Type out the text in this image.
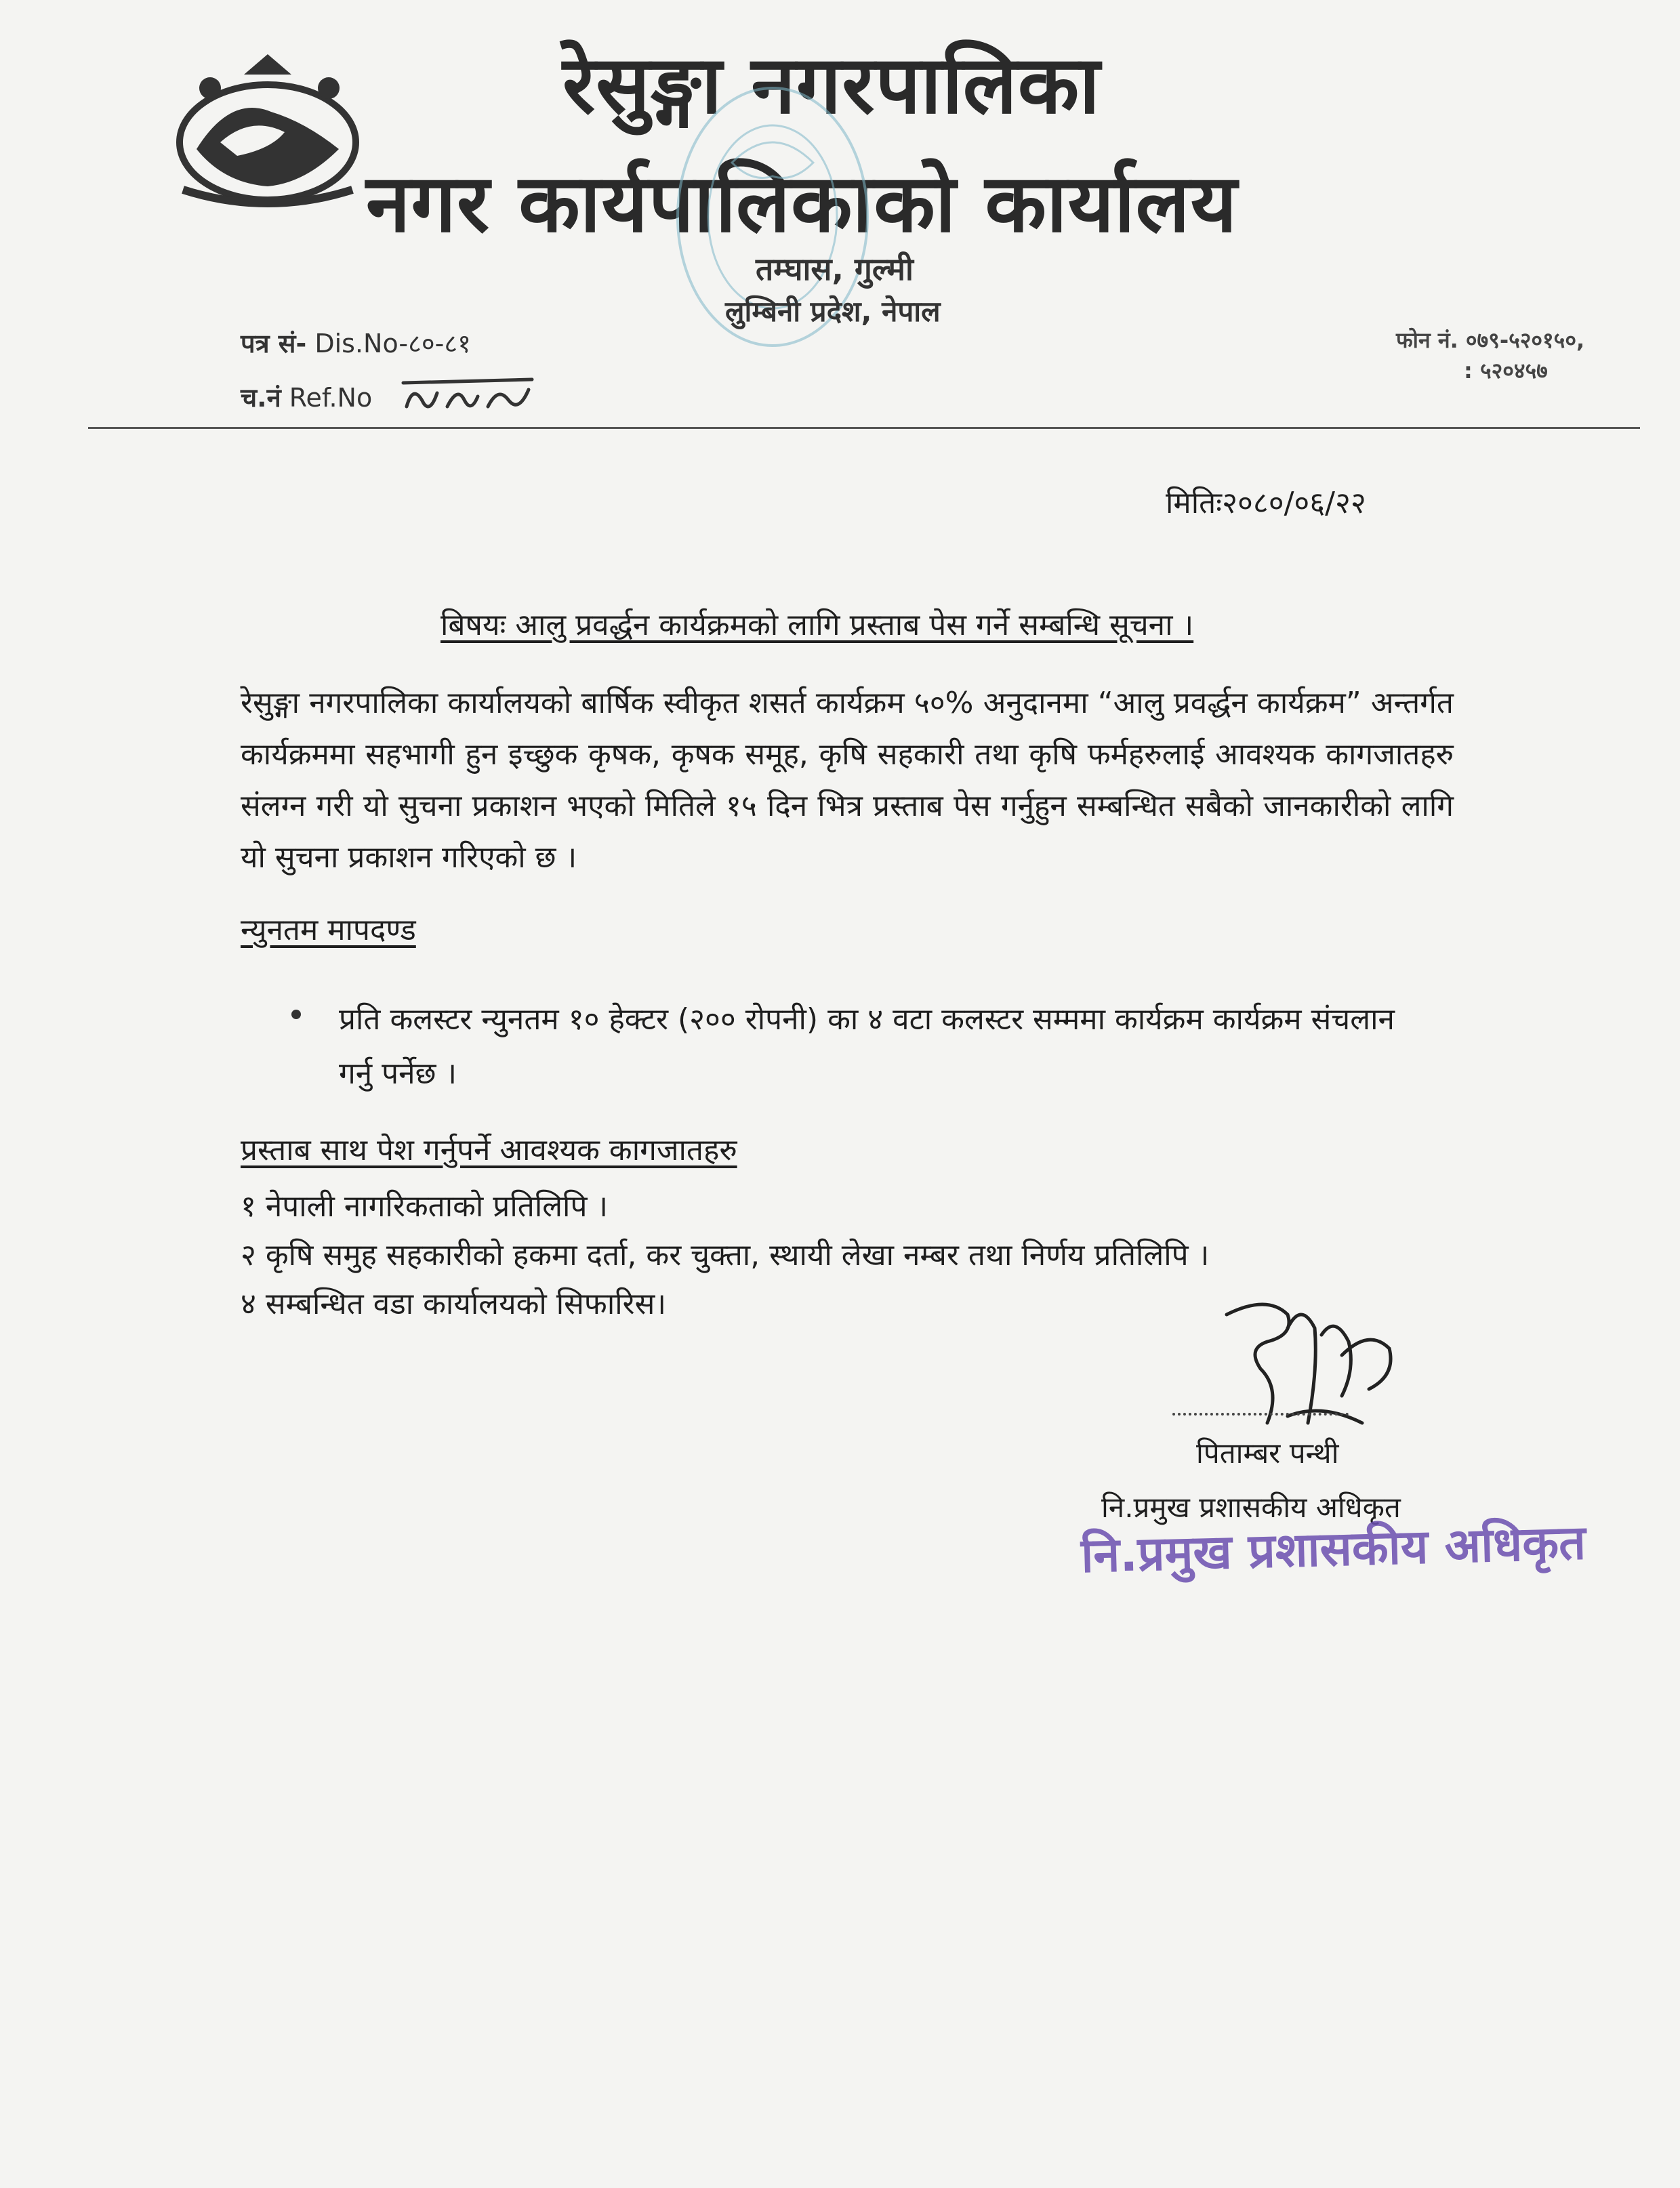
रेसुङ्गा नगरपालिका
नगर कार्यपालिकाको कार्यालय
तम्घास, गुल्मी
लुम्बिनी प्रदेश, नेपाल
पत्र सं- Dis.No-८०-८१
च.नं Ref.No
फोन नं. ०७९-५२०१५०,
: ५२०४५७
मितिः२०८०/०६/२२
बिषयः आलु प्रवर्द्धन कार्यक्रमको लागि प्रस्ताब पेस गर्ने सम्बन्धि सूचना ।
रेसुङ्गा नगरपालिका कार्यालयको बार्षिक स्वीकृत शसर्त कार्यक्रम ५०% अनुदानमा “आलु प्रवर्द्धन कार्यक्रम” अन्तर्गत कार्यक्रममा सहभागी हुन इच्छुक कृषक, कृषक समूह, कृषि सहकारी तथा कृषि फर्महरुलाई आवश्यक कागजातहरु संलग्न गरी यो सुचना प्रकाशन भएको मितिले १५ दिन भित्र प्रस्ताब पेस गर्नुहुन सम्बन्धित सबैको जानकारीको लागि यो सुचना प्रकाशन गरिएको छ ।
न्युनतम मापदण्ड
प्रति कलस्टर न्युनतम १० हेक्टर (२०० रोपनी) का ४ वटा कलस्टर सम्ममा कार्यक्रम कार्यक्रम संचलान गर्नु पर्नेछ ।
प्रस्ताब साथ पेश गर्नुपर्ने आवश्यक कागजातहरु
१ नेपाली नागरिकताको प्रतिलिपि ।
२ कृषि समुह सहकारीको हकमा दर्ता, कर चुक्ता, स्थायी लेखा नम्बर तथा निर्णय प्रतिलिपि ।
४ सम्बन्धित वडा कार्यालयको सिफारिस।
पिताम्बर पन्थी
नि.प्रमुख प्रशासकीय अधिकृत
नि.प्रमुख प्रशासकीय अधिकृत
